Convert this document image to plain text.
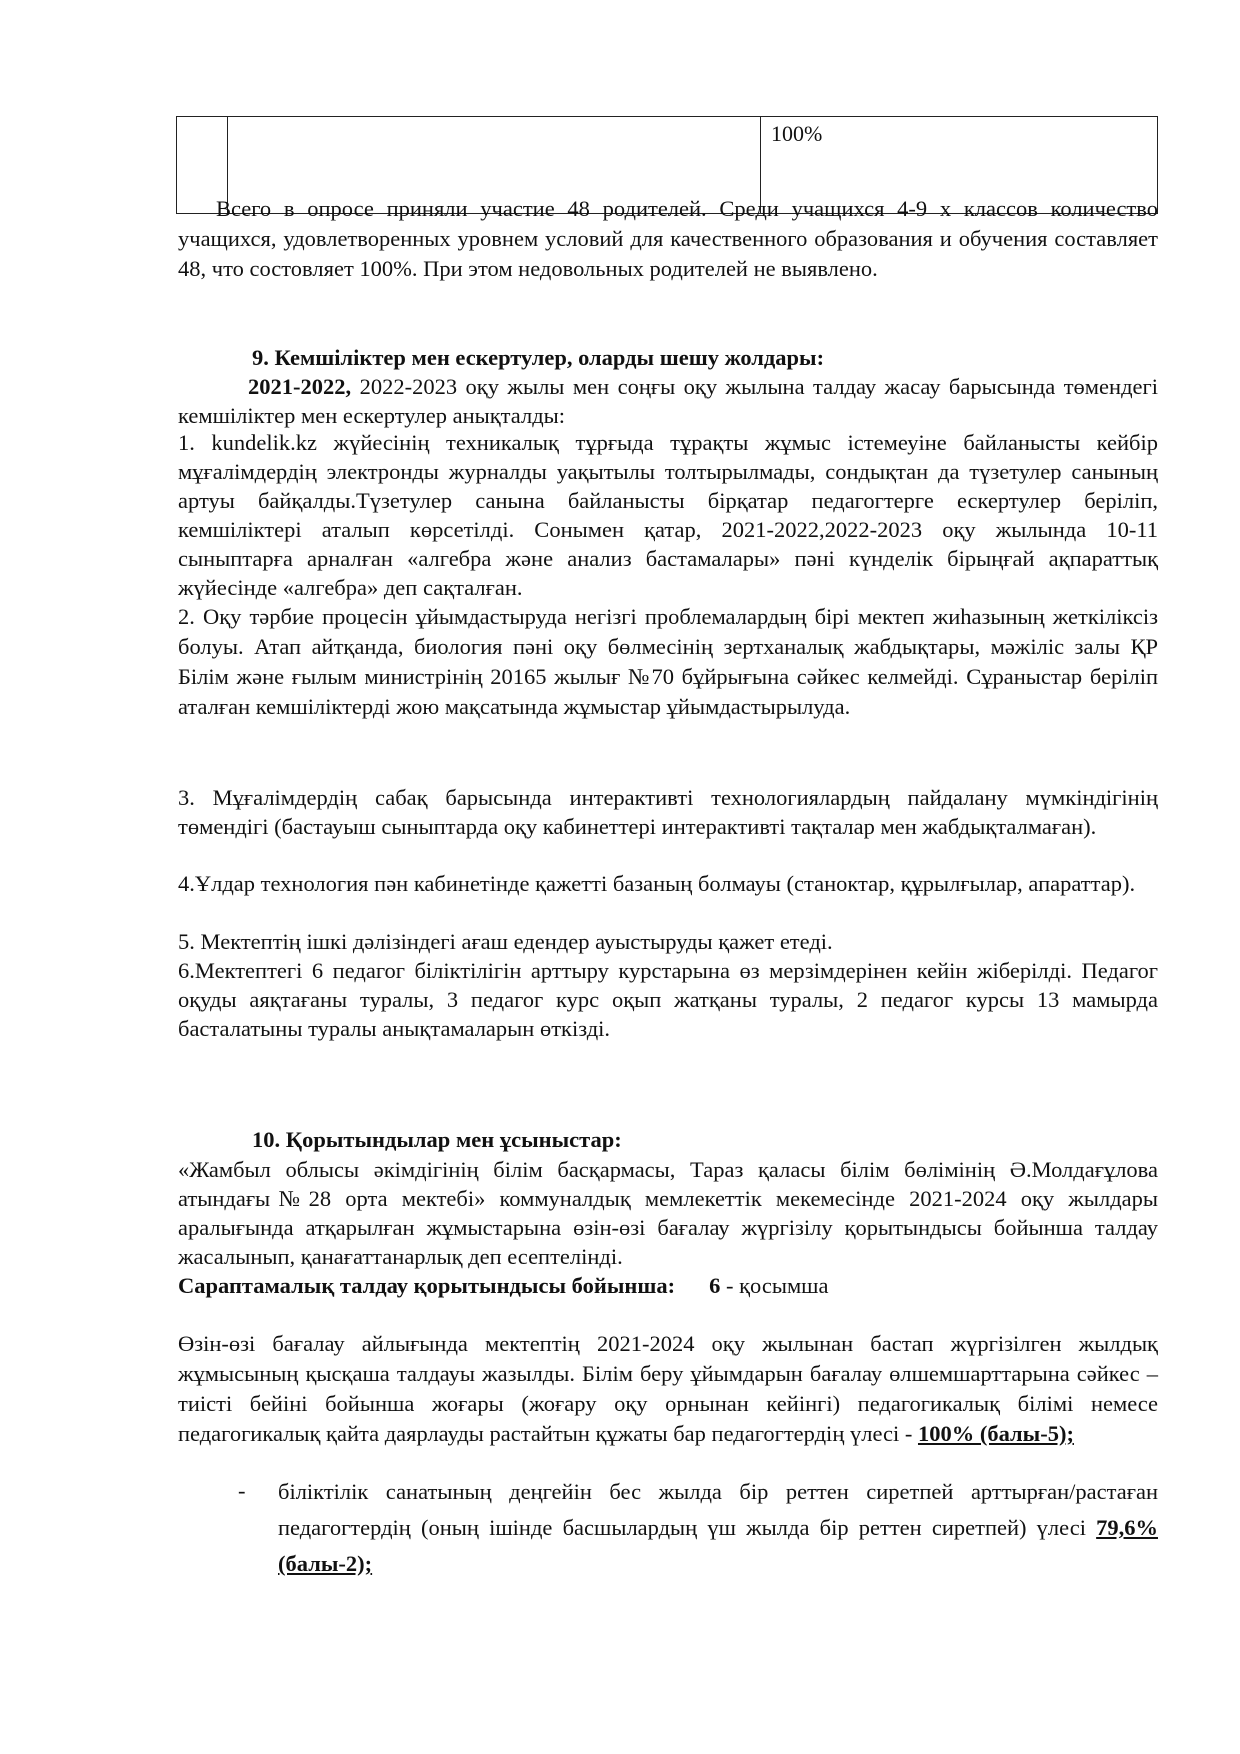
		100%

Всего в опросе приняли участие 48 родителей. Среди учащихся 4-9 х классов количество учащихся, удовлетворенных уровнем условий для качественного образования и обучения составляет 48, что состовляет 100%. При этом недовольных родителей не выявлено.

9. Кемшіліктер мен ескертулер, оларды шешу жолдары:

2021-2022, 2022-2023 оқу жылы мен соңғы оқу жылына талдау жасау барысында төмендегі кемшіліктер мен ескертулер анықталды:

1. kundelik.kz жүйесінің техникалық тұрғыда тұрақты жұмыс істемеуіне байланысты кейбір мұғалімдердің электронды журналды уақытылы толтырылмады, сондықтан да түзетулер санының артуы байқалды.Түзетулер санына байланысты бірқатар педагогтерге ескертулер беріліп, кемшіліктері аталып көрсетілді. Сонымен қатар, 2021-2022,2022-2023 оқу жылында 10-11 сыныптарға арналған «алгебра және анализ бастамалары» пәні күнделік бірыңғай ақпараттық жүйесінде «алгебра» деп сақталған.

2. Оқу тәрбие процесін ұйымдастыруда негізгі проблемалардың бірі мектеп жиһазының жеткіліксіз болуы. Атап айтқанда, биология пәні оқу бөлмесінің зертханалық жабдықтары, мәжіліс залы ҚР Білім және ғылым министрінің 20165 жылығ №70 бұйрығына сәйкес келмейді. Сұраныстар беріліп аталған кемшіліктерді жою мақсатында жұмыстар ұйымдастырылуда.

3. Мұғалімдердің сабақ барысында интерактивті технологиялардың пайдалану мүмкіндігінің төмендігі (бастауыш сыныптарда оқу кабинеттері интерактивті тақталар мен жабдықталмаған).

4.Ұлдар технология пән кабинетінде қажетті базаның болмауы (станоктар, құрылғылар, апараттар).

5. Мектептің ішкі дәлізіндегі ағаш едендер ауыстыруды қажет етеді.

6.Мектептегі 6 педагог біліктілігін арттыру курстарына өз мерзімдерінен кейін жіберілді. Педагог оқуды аяқтағаны туралы, 3 педагог курс оқып жатқаны туралы, 2 педагог курсы 13 мамырда басталатыны туралы анықтамаларын өткізді.

10. Қорытындылар мен ұсыныстар:

«Жамбыл облысы әкімдігінің білім басқармасы, Тараз қаласы білім бөлімінің Ә.Молдағұлова атындағы№28 орта мектебі» коммуналдық мемлекеттік мекемесінде 2021-2024 оқу жылдары аралығында атқарылған жұмыстарына өзін-өзі бағалау жүргізілу қорытындысы бойынша талдау жасалынып, қанағаттанарлық деп есептелінді.

Сараптамалық талдау қорытындысы бойынша: 6 - қосымша

Өзін-өзі бағалау айлығында мектептің 2021-2024 оқу жылынан бастап жүргізілген жылдық жұмысының қысқаша талдауы жазылды. Білім беру ұйымдарын бағалау өлшемшарттарына сәйкес – тиісті бейіні бойынша жоғары (жоғару оқу орнынан кейінгі) педагогикалық білімі немесе педагогикалық қайта даярлауды растайтын құжаты бар педагогтердің үлесі - 100% (балы-5);

- біліктілік санатының деңгейін бес жылда бір реттен сиретпей арттырған/растаған педагогтердің (оның ішінде басшылардың үш жылда бір реттен сиретпей) үлесі 79,6% (балы-2);
